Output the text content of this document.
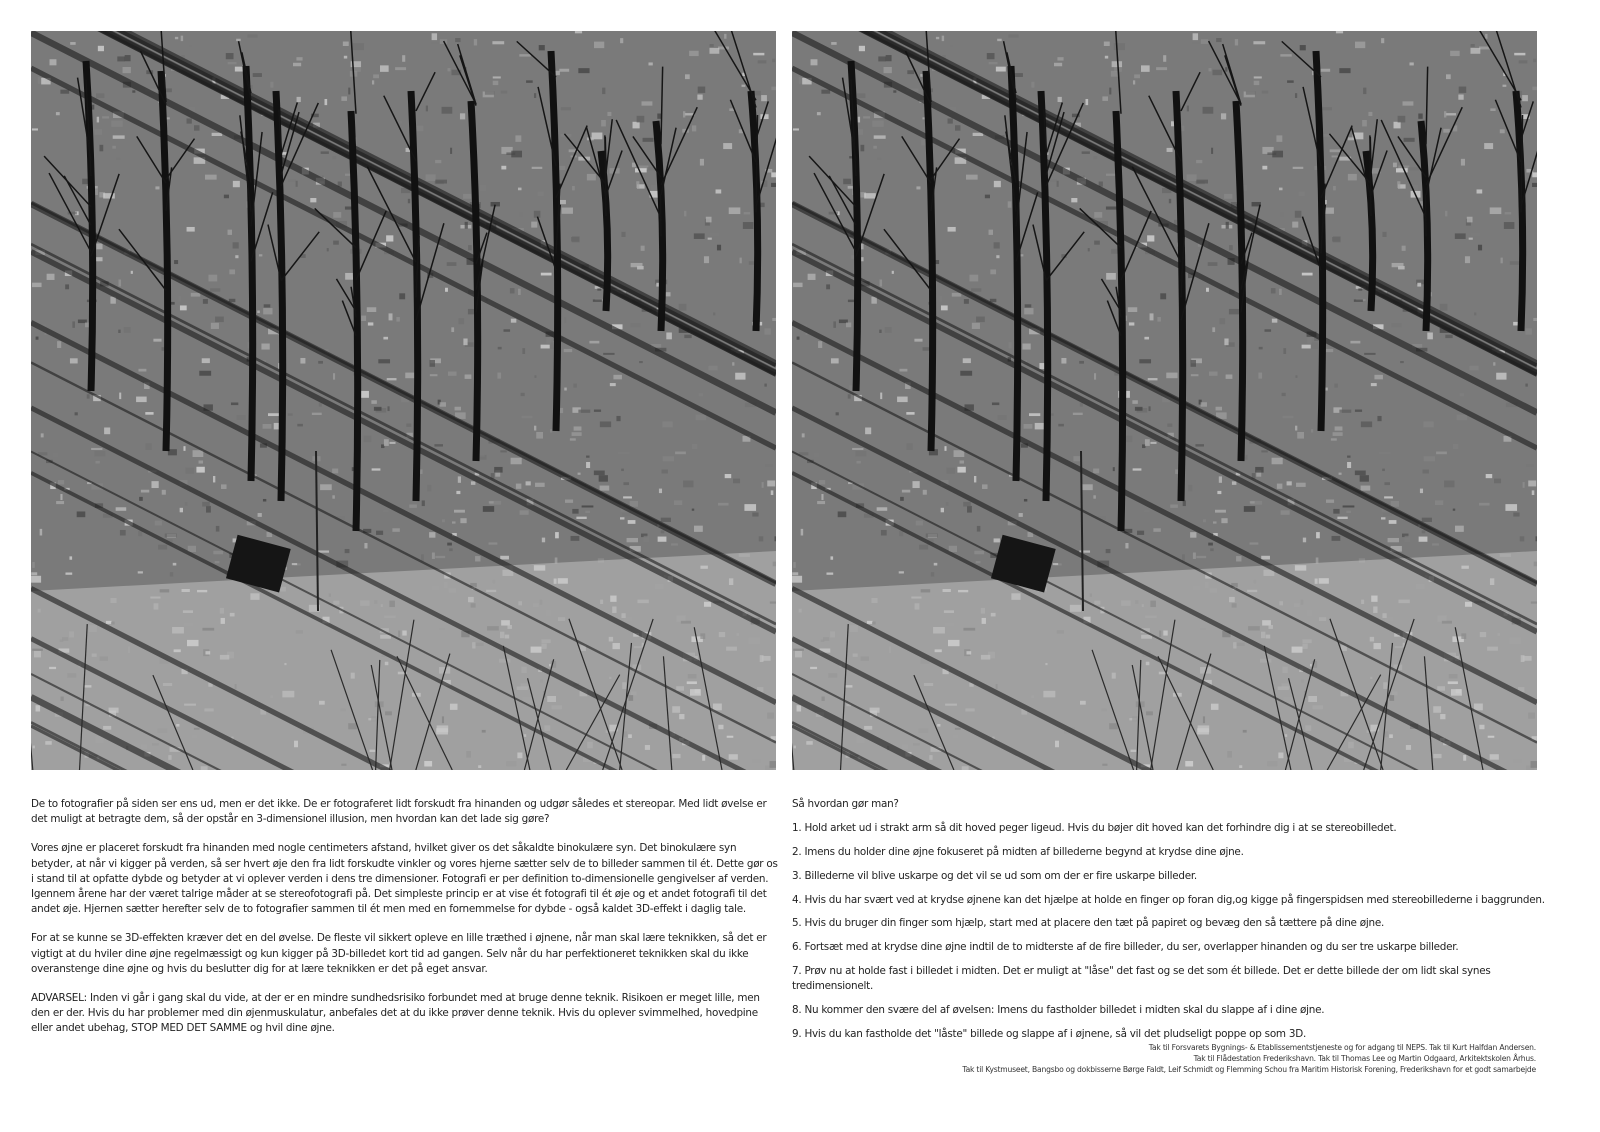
De to fotografier på siden ser ens ud, men er det ikke. De er fotograferet lidt forskudt fra hinanden og udgør således et stereopar. Med lidt øvelse er det muligt at betragte dem, så der opstår en 3-dimensionel illusion, men hvordan kan det lade sig gøre?

Vores øjne er placeret forskudt fra hinanden med nogle centimeters afstand, hvilket giver os det såkaldte binokulære syn. Det binokulære syn betyder, at når vi kigger på verden, så ser hvert øje den fra lidt forskudte vinkler og vores hjerne sætter selv de to billeder sammen til ét. Dette gør os i stand til at opfatte dybde og betyder at vi oplever verden i dens tre dimensioner. Fotografi er per definition to-dimensionelle gengivelser af verden. Igennem årene har der været talrige måder at se stereofotografi på. Det simpleste princip er at vise ét fotografi til ét øje og et andet fotografi til det andet øje. Hjernen sætter herefter selv de to fotografier sammen til ét men med en fornemmelse for dybde - også kaldet 3D-effekt i daglig tale.

For at se kunne se 3D-effekten kræver det en del øvelse. De fleste vil sikkert opleve en lille træthed i øjnene, når man skal lære teknikken, så det er vigtigt at du hviler dine øjne regelmæssigt og kun kigger på 3D-billedet kort tid ad gangen. Selv når du har perfektioneret teknikken skal du ikke overanstenge dine øjne og hvis du beslutter dig for at lære teknikken er det på eget ansvar.

ADVARSEL: Inden vi går i gang skal du vide, at der er en mindre sundhedsrisiko forbundet med at bruge denne teknik. Risikoen er meget lille, men den er der. Hvis du har problemer med din øjenmuskulatur, anbefales det at du ikke prøver denne teknik. Hvis du oplever svimmelhed, hovedpine eller andet ubehag, STOP MED DET SAMME og hvil dine øjne.

Så hvordan gør man?

1. Hold arket ud i strakt arm så dit hoved peger ligeud. Hvis du bøjer dit hoved kan det forhindre dig i at se stereobilledet.

2. Imens du holder dine øjne fokuseret på midten af billederne begynd at krydse dine øjne.

3. Billederne vil blive uskarpe og det vil se ud som om der er fire uskarpe billeder.

4. Hvis du har svært ved at krydse øjnene kan det hjælpe at holde en finger op foran dig,og kigge på fingerspidsen med stereobillederne i baggrunden.

5. Hvis du bruger din finger som hjælp, start med at placere den tæt på papiret og bevæg den så tættere på dine øjne.

6. Fortsæt med at krydse dine øjne indtil de to midterste af de fire billeder, du ser, overlapper hinanden og du ser tre uskarpe billeder.

7. Prøv nu at holde fast i billedet i midten. Det er muligt at "låse" det fast og se det som ét billede. Det er dette billede der om lidt skal synes tredimensionelt.

8. Nu kommer den svære del af øvelsen: Imens du fastholder billedet i midten skal du slappe af i dine øjne.

9. Hvis du kan fastholde det "låste" billede og slappe af i øjnene, så vil det pludseligt poppe op som 3D.

Tak til Forsvarets Bygnings- & Etablissementstjeneste og for adgang til NEPS. Tak til Kurt Halfdan Andersen.
Tak til Flådestation Frederikshavn. Tak til Thomas Lee og Martin Odgaard, Arkitektskolen Århus.
Tak til Kystmuseet, Bangsbo og dokbisserne Børge Faldt, Leif Schmidt og Flemming Schou fra Maritim Historisk Forening, Frederikshavn for et godt samarbejde
